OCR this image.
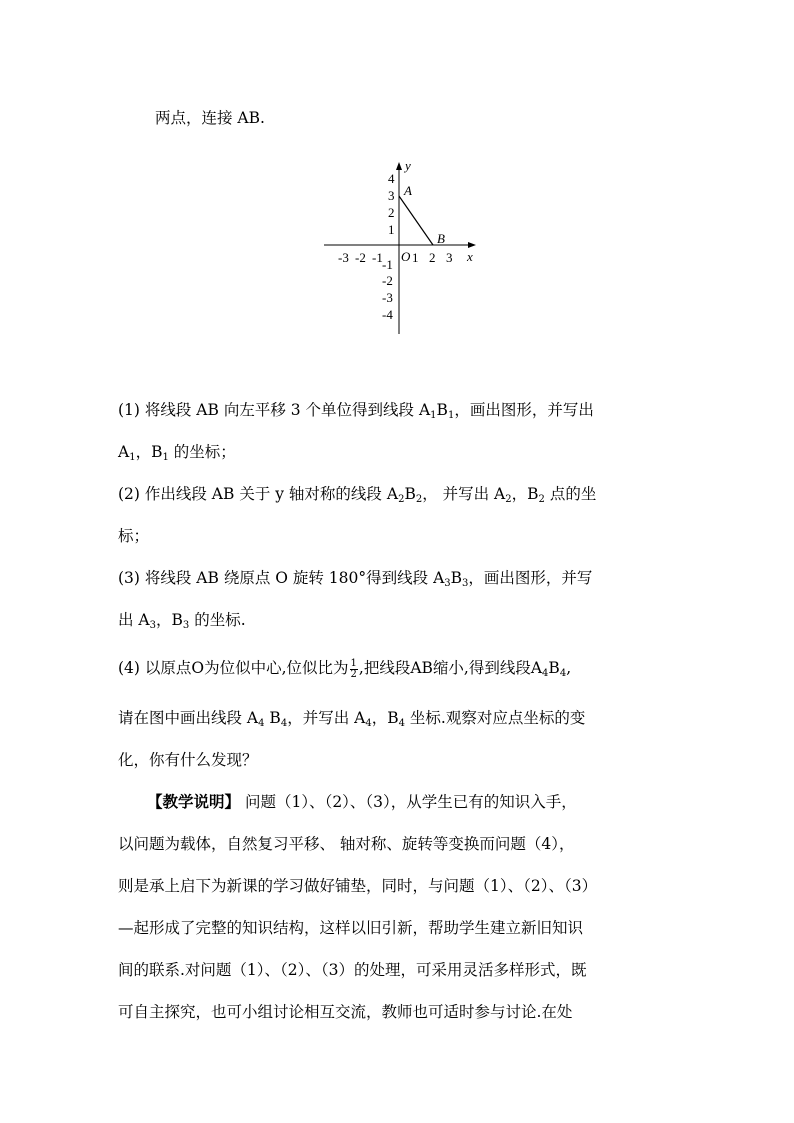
两点，连接 AB.
y
x
O
A
B
-3 -2 -1 1 2 3
4
3
2
1
-1
-2
-3
-4
(1) 将线段 AB 向左平移 3 个单位得到线段 $A_1B_1$，画出图形，并写出
$A_1$，$B_1$ 的坐标；
(2) 作出线段 AB 关于 y 轴对称的线段 $A_2B_2$， 并写出 $A_2$，$B_2$ 点的坐
标；
(3) 将线段 AB 绕原点 O 旋转 180°得到线段 $A_3B_3$，画出图形，并写
出 $A_3$，$B_3$ 的坐标.
(4) 以原点O为位似中心,位似比为 $\frac{1}{2}$ ,把线段AB缩小,得到线段$A_4B_4$,
请在图中画出线段 $A_4$ $B_4$，并写出 $A_4$，$B_4$ 坐标.观察对应点坐标的变
化，你有什么发现？
【教学说明】 问题（1）、（2）、（3），从学生已有的知识入手，
以问题为载体，自然复习平移、 轴对称、旋转等变换而问题（4），
则是承上启下为新课的学习做好铺垫，同时，与问题（1）、（2）、（3）
—起形成了完整的知识结构，这样以旧引新，帮助学生建立新旧知识
间的联系.对问题（1）、（2）、（3）的处理，可采用灵活多样形式，既
可自主探究，也可小组讨论相互交流，教师也可适时参与讨论.在处
